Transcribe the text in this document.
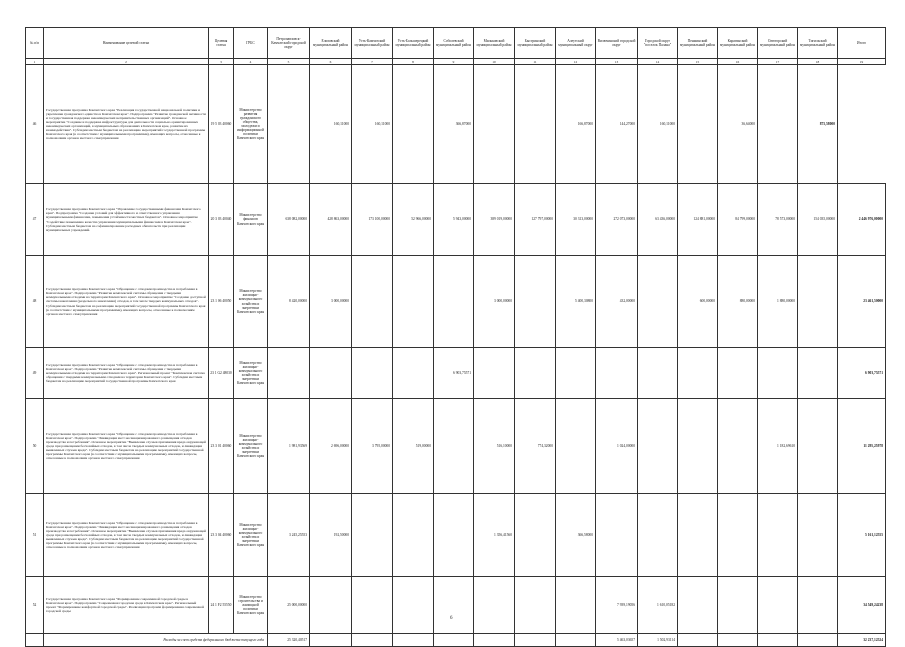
№ п/п	Наименование целевой статьи	Целевая статья	ГРБС	Петропавловск-Камчатский городской округ	Елизовский муниципальный район	Усть-Камчатский муниципальный район	Усть-Большерецкий муниципальный район	Соболевский муниципальный район	Мильковский муниципальный район	Быстринский муниципальный район	Алеутский муниципальный округ	Вилючинский городской округ	Городской округ "поселок Палана"	Пенжинский муниципальный район	Карагинский муниципальный район	Олюторский муниципальный район	Тигильский муниципальный район	Итого
1	2	3	4	5	6	7	8	9	10	11	12	13	14	15	16	17	18	19
46	Государственная программа Камчатского края "Реализация государственной национальной политики и укрепление гражданского единства в Камчатском крае". Подпрограмма "Развитие гражданской активности и государственная поддержка некоммерческих неправительственных организаций". Основное мероприятие "Создание и поддержка инфраструктуры для деятельности социально ориентированных некоммерческих организаций, в муниципальных образованиях в Камчатском крае, развитие их взаимодействия". Субсидии местным бюджетам на реализацию мероприятий государственной программы Камчатского края (в соответствии с муниципальными программами), имеющих вопросы, отнесенные к полномочиям органов местного самоуправления	19 5 03 40060	Министерство развития гражданского общества, молодежи и информационной политики Камчатского края		160,11000	160,11000		366,87000			166,87000	144,27000	160,11000		36,64000		875,58000	
47	Государственная программа Камчатского края "Управление государственными финансами Камчатского края". Подпрограмма "Создание условий для эффективного и ответственного управления муниципальными финансами, повышения устойчивости местных бюджетов". Основное мероприятие "Содействие повышению качества управления муниципальными финансами в Камчатском крае". Субсидии местным бюджетам на софинансирование расходных обязательств при реализации муниципальных учреждений.	20 3 03 40040	Министерство финансов Камчатского края	638 082,00000	428 863,00000	173 100,00000	52 966,00000	5 943,00000	389 019,00000	127 797,00000	30 313,00000	272 073,00000	63 436,00000	124 881,00000	84 799,00000	78 573,00000	154 035,00000	2 446 976,00000
48	Государственная программа Камчатского края "Обращение с отходами производства и потребления в Камчатском крае". Подпрограмма "Развитие комплексной системы обращения с твердыми коммунальными отходами на территории Камчатского края". Основное мероприятие "Создание доступной системы накопления (раздельного накопления) отходов, в том числе твердых коммунальных отходов". Субсидии местным бюджетам на реализацию мероприятий государственной программы Камчатского края (в соответствии с муниципальными программами), имеющих вопросы, отнесенные к полномочиям органов местного самоуправления	23 1 06 40050	Министерство жилищно-коммунального хозяйства и энергетики Камчатского края	8 420,00000	3 000,00000				3 000,00000		5 400,30800	432,00000		600,00000	880,00000	1 880,00000		23 461,50000
49	Государственная программа Камчатского края "Обращение с отходами производства и потребления в Камчатском крае". Подпрограмма "Развитие комплексной системы обращения с твердыми коммунальными отходами на территории Камчатского края". Региональный проект "Комплексная система обращения с твердыми коммунальными отходами на территории Камчатского края". Субсидии местным бюджетам на реализацию мероприятий государственной программы Камчатского края	23 1 G2 48030	Министерство жилищно-коммунального хозяйства и энергетики Камчатского края					6 903,75571										6 903,75571
50	Государственная программа Камчатского края "Обращение с отходами производства и потребления в Камчатском крае". Подпрограмма "Ликвидация мест несанкционированного размещения отходов производства и потребления". Основное мероприятие "Выявление случаев причинения вреда окружающей среде при размещении бесхозяйных отходов, в том числе твердых коммунальных отходов, и ликвидация выявленных случаев вреда". Субсидии местным бюджетам на реализацию мероприятий государственной программы Камчатского края (в соответствии с муниципальными программами), имеющих вопросы, отнесенные к полномочиям органов местного самоуправления	23 3 01 40060	Министерство жилищно-коммунального хозяйства и энергетики Камчатского края	1 981,93569	2 696,00000	3 795,00000	519,00000		516,10000	774,32000		1 024,00000				1 182,69610		11 295,25978
51	Государственная программа Камчатского края "Обращение с отходами производства и потребления в Камчатском крае". Подпрограмма "Ликвидация мест несанкционированного размещения отходов производства и потребления". Основное мероприятие "Выявление случаев причинения вреда окружающей среде при размещении бесхозяйных отходов, в том числе твердых коммунальных отходов, и ликвидация выявленных случаев вреда". Субсидии местным бюджетам на реализацию мероприятий государственной программы Камчатского края (в соответствии с муниципальными программами), имеющих вопросы, отнесенные к полномочиям органов местного самоуправления	23 3 04 40060	Министерство жилищно-коммунального хозяйства и энергетики Камчатского края	3 245,25553	192,50000				1 356,41560		366,58000							5 161,12555
52	Государственная программа Камчатского края "Формирование современной городской среды в Камчатском крае". Подпрограмма "Современная городская среда в Камчатском крае". Региональный проект "Формирование комфортной городской среды". Реализация программ формирования современной городской среды	24 1 F2 55550	Министерство строительства и жилищной политики Камчатского края	25 000,00000								7 939,19056	1 610,05182					34 549,24238
	Расходы за счет средств федерального бюджета текущего года			25 320,40517								5 463,03657	1 502,93114					32 237,12524
6
